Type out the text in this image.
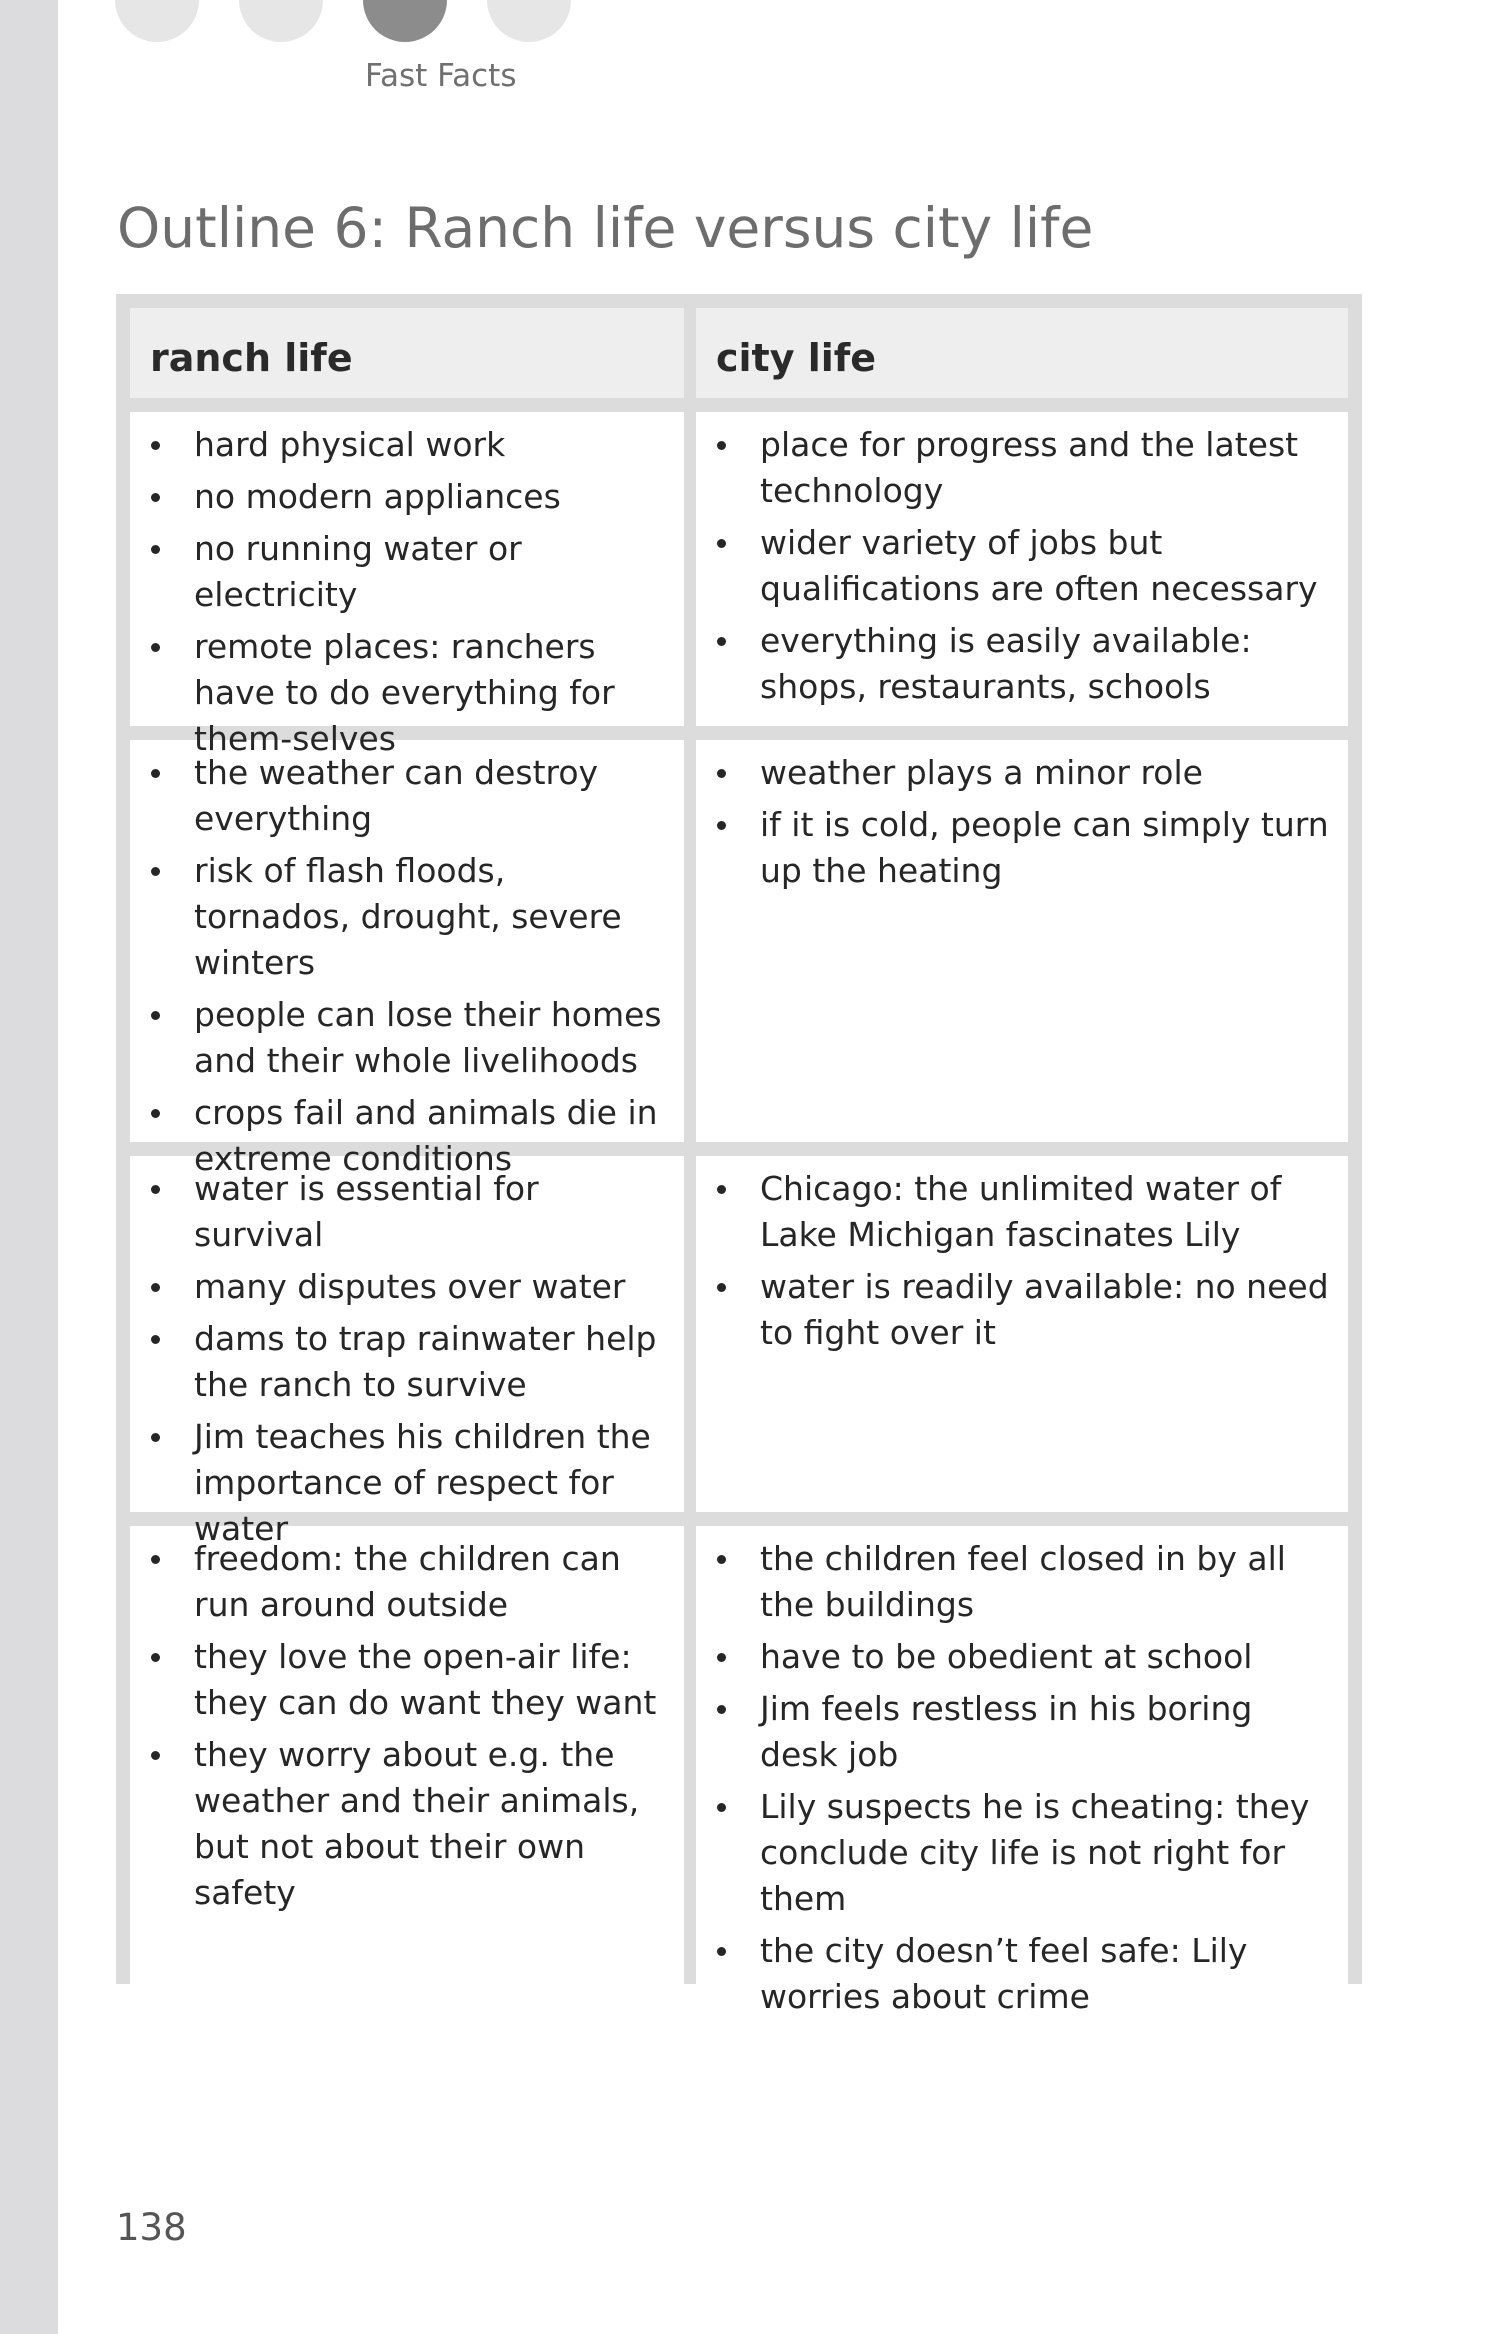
Fast Facts
Outline 6: Ranch life versus city life
ranch life	city life
hard physical work
no modern appliances
no running water or electricity
remote places: ranchers have to do everything for them-selves
place for progress and the latest technology
wider variety of jobs but qualifications are often necessary
everything is easily available: shops, restaurants, schools
the weather can destroy everything
risk of flash floods, tornados, drought, severe winters
people can lose their homes and their whole livelihoods
crops fail and animals die in extreme conditions
weather plays a minor role
if it is cold, people can simply turn up the heating
water is essential for survival
many disputes over water
dams to trap rainwater help the ranch to survive
Jim teaches his children the importance of respect for water
Chicago: the unlimited water of Lake Michigan fascinates Lily
water is readily available: no need to fight over it
freedom: the children can run around outside
they love the open-air life: they can do want they want
they worry about e.g. the weather and their animals, but not about their own safety
the children feel closed in by all the buildings
have to be obedient at school
Jim feels restless in his boring desk job
Lily suspects he is cheating: they conclude city life is not right for them
the city doesn’t feel safe: Lily worries about crime
138
